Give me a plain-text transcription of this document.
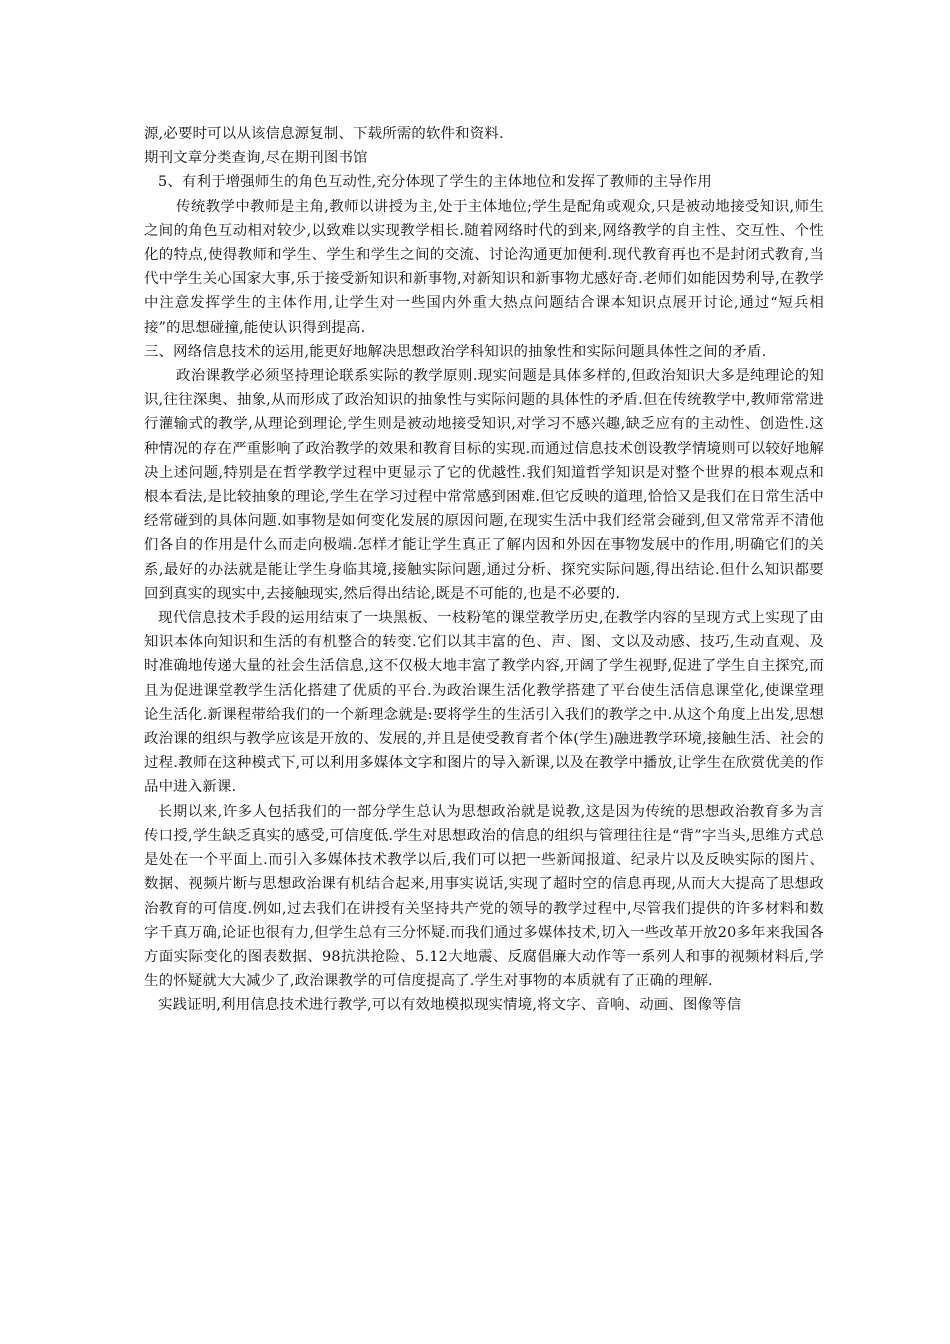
源,必要时可以从该信息源复制、下载所需的软件和资料.

期刊文章分类查询,尽在期刊图书馆

5、有利于增强师生的角色互动性,充分体现了学生的主体地位和发挥了教师的主导作用

传统教学中教师是主角,教师以讲授为主,处于主体地位;学生是配角或观众,只是被动地接受知识,师生之间的角色互动相对较少,以致难以实现教学相长.随着网络时代的到来,网络教学的自主性、交互性、个性化的特点,使得教师和学生、学生和学生之间的交流、讨论沟通更加便利.现代教育再也不是封闭式教育,当代中学生关心国家大事,乐于接受新知识和新事物,对新知识和新事物尤感好奇.老师们如能因势利导,在教学中注意发挥学生的主体作用,让学生对一些国内外重大热点问题结合课本知识点展开讨论,通过“短兵相接”的思想碰撞,能使认识得到提高.

三、网络信息技术的运用,能更好地解决思想政治学科知识的抽象性和实际问题具体性之间的矛盾.

政治课教学必须坚持理论联系实际的教学原则.现实问题是具体多样的,但政治知识大多是纯理论的知识,往往深奥、抽象,从而形成了政治知识的抽象性与实际问题的具体性的矛盾.但在传统教学中,教师常常进行灌输式的教学,从理论到理论,学生则是被动地接受知识,对学习不感兴趣,缺乏应有的主动性、创造性.这种情况的存在严重影响了政治教学的效果和教育目标的实现.而通过信息技术创设教学情境则可以较好地解决上述问题,特别是在哲学教学过程中更显示了它的优越性.我们知道哲学知识是对整个世界的根本观点和根本看法,是比较抽象的理论,学生在学习过程中常常感到困难.但它反映的道理,恰恰又是我们在日常生活中经常碰到的具体问题.如事物是如何变化发展的原因问题,在现实生活中我们经常会碰到,但又常常弄不清他们各自的作用是什么而走向极端.怎样才能让学生真正了解内因和外因在事物发展中的作用,明确它们的关系,最好的办法就是能让学生身临其境,接触实际问题,通过分析、探究实际问题,得出结论.但什么知识都要回到真实的现实中,去接触现实,然后得出结论,既是不可能的,也是不必要的.

现代信息技术手段的运用结束了一块黑板、一枝粉笔的课堂教学历史,在教学内容的呈现方式上实现了由知识本体向知识和生活的有机整合的转变.它们以其丰富的色、声、图、文以及动感、技巧,生动直观、及时准确地传递大量的社会生活信息,这不仅极大地丰富了教学内容,开阔了学生视野,促进了学生自主探究,而且为促进课堂教学生活化搭建了优质的平台.为政治课生活化教学搭建了平台使生活信息课堂化,使课堂理论生活化.新课程带给我们的一个新理念就是:要将学生的生活引入我们的教学之中.从这个角度上出发,思想政治课的组织与教学应该是开放的、发展的,并且是使受教育者个体(学生)融进教学环境,接触生活、社会的过程.教师在这种模式下,可以利用多媒体文字和图片的导入新课,以及在教学中播放,让学生在欣赏优美的作品中进入新课.

长期以来,许多人包括我们的一部分学生总认为思想政治就是说教,这是因为传统的思想政治教育多为言传口授,学生缺乏真实的感受,可信度低.学生对思想政治的信息的组织与管理往往是“背”字当头,思维方式总是处在一个平面上.而引入多媒体技术教学以后,我们可以把一些新闻报道、纪录片以及反映实际的图片、数据、视频片断与思想政治课有机结合起来,用事实说话,实现了超时空的信息再现,从而大大提高了思想政治教育的可信度.例如,过去我们在讲授有关坚持共产党的领导的教学过程中,尽管我们提供的许多材料和数字千真万确,论证也很有力,但学生总有三分怀疑.而我们通过多媒体技术,切入一些改革开放20多年来我国各方面实际变化的图表数据、98抗洪抢险、5.12大地震、反腐倡廉大动作等一系列人和事的视频材料后,学生的怀疑就大大减少了,政治课教学的可信度提高了.学生对事物的本质就有了正确的理解.

实践证明,利用信息技术进行教学,可以有效地模拟现实情境,将文字、音响、动画、图像等信
